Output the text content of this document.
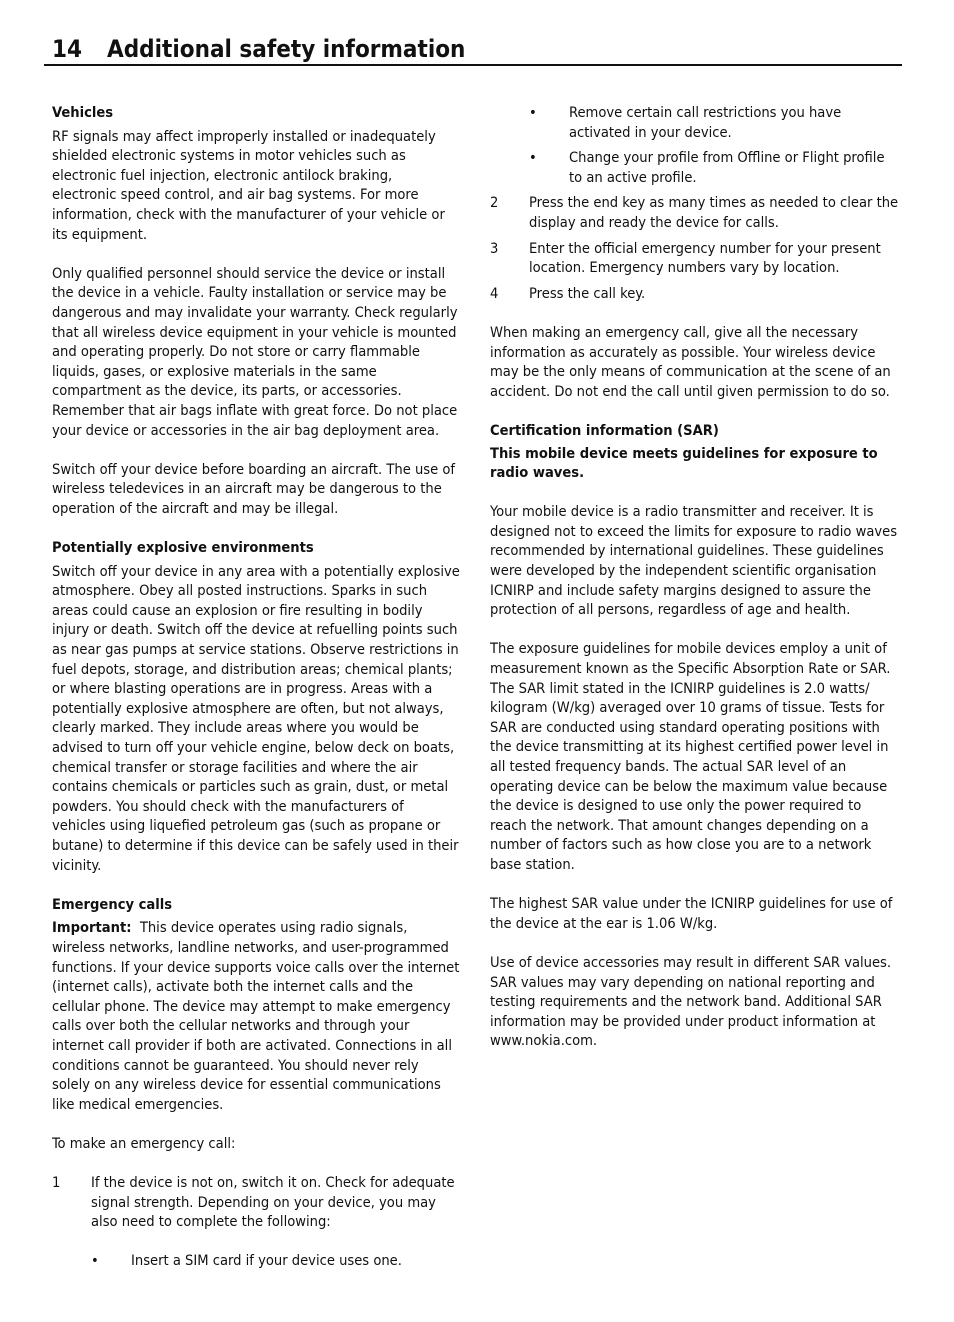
14 Additional safety information

Vehicles

RF signals may affect improperly installed or inadequately shielded electronic systems in motor vehicles such as electronic fuel injection, electronic antilock braking, electronic speed control, and air bag systems. For more information, check with the manufacturer of your vehicle or its equipment.

Only qualified personnel should service the device or install the device in a vehicle. Faulty installation or service may be dangerous and may invalidate your warranty. Check regularly that all wireless device equipment in your vehicle is mounted and operating properly. Do not store or carry flammable liquids, gases, or explosive materials in the same compartment as the device, its parts, or accessories. Remember that air bags inflate with great force. Do not place your device or accessories in the air bag deployment area.

Switch off your device before boarding an aircraft. The use of wireless teledevices in an aircraft may be dangerous to the operation of the aircraft and may be illegal.

Potentially explosive environments

Switch off your device in any area with a potentially explosive atmosphere. Obey all posted instructions. Sparks in such areas could cause an explosion or fire resulting in bodily injury or death. Switch off the device at refuelling points such as near gas pumps at service stations. Observe restrictions in fuel depots, storage, and distribution areas; chemical plants; or where blasting operations are in progress. Areas with a potentially explosive atmosphere are often, but not always, clearly marked. They include areas where you would be advised to turn off your vehicle engine, below deck on boats, chemical transfer or storage facilities and where the air contains chemicals or particles such as grain, dust, or metal powders. You should check with the manufacturers of vehicles using liquefied petroleum gas (such as propane or butane) to determine if this device can be safely used in their vicinity.

Emergency calls

Important: This device operates using radio signals, wireless networks, landline networks, and user-programmed functions. If your device supports voice calls over the internet (internet calls), activate both the internet calls and the cellular phone. The device may attempt to make emergency calls over both the cellular networks and through your internet call provider if both are activated. Connections in all conditions cannot be guaranteed. You should never rely solely on any wireless device for essential communications like medical emergencies.

To make an emergency call:

1 If the device is not on, switch it on. Check for adequate signal strength. Depending on your device, you may also need to complete the following:
• Insert a SIM card if your device uses one.
• Remove certain call restrictions you have activated in your device.
• Change your profile from Offline or Flight profile to an active profile.
2 Press the end key as many times as needed to clear the display and ready the device for calls.
3 Enter the official emergency number for your present location. Emergency numbers vary by location.
4 Press the call key.

When making an emergency call, give all the necessary information as accurately as possible. Your wireless device may be the only means of communication at the scene of an accident. Do not end the call until given permission to do so.

Certification information (SAR)

This mobile device meets guidelines for exposure to radio waves.

Your mobile device is a radio transmitter and receiver. It is designed not to exceed the limits for exposure to radio waves recommended by international guidelines. These guidelines were developed by the independent scientific organisation ICNIRP and include safety margins designed to assure the protection of all persons, regardless of age and health.

The exposure guidelines for mobile devices employ a unit of measurement known as the Specific Absorption Rate or SAR. The SAR limit stated in the ICNIRP guidelines is 2.0 watts/ kilogram (W/kg) averaged over 10 grams of tissue. Tests for SAR are conducted using standard operating positions with the device transmitting at its highest certified power level in all tested frequency bands. The actual SAR level of an operating device can be below the maximum value because the device is designed to use only the power required to reach the network. That amount changes depending on a number of factors such as how close you are to a network base station.

The highest SAR value under the ICNIRP guidelines for use of the device at the ear is 1.06 W/kg.

Use of device accessories may result in different SAR values. SAR values may vary depending on national reporting and testing requirements and the network band. Additional SAR information may be provided under product information at www.nokia.com.
